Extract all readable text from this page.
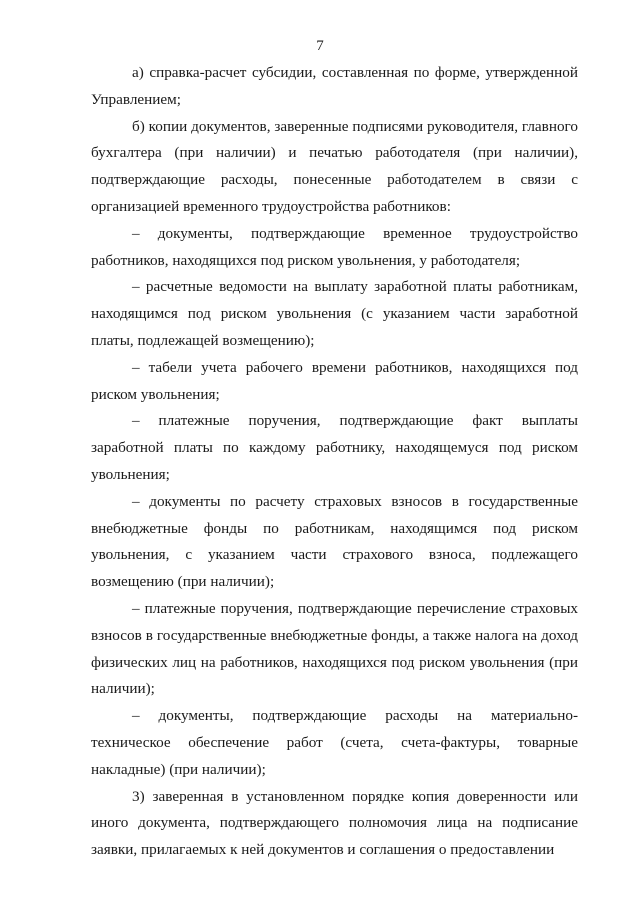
7

а) справка-расчет субсидии, составленная по форме, утвержденной Управлением;

б) копии документов, заверенные подписями руководителя, главного бухгалтера (при наличии) и печатью работодателя (при наличии), подтверждающие расходы, понесенные работодателем в связи с организацией временного трудоустройства работников:

– документы, подтверждающие временное трудоустройство работников, находящихся под риском увольнения, у работодателя;

– расчетные ведомости на выплату заработной платы работникам, находящимся под риском увольнения (с указанием части заработной платы, подлежащей возмещению);

– табели учета рабочего времени работников, находящихся под риском увольнения;

– платежные поручения, подтверждающие факт выплаты заработной платы по каждому работнику, находящемуся под риском увольнения;

– документы по расчету страховых взносов в государственные внебюджетные фонды по работникам, находящимся под риском увольнения, с указанием части страхового взноса, подлежащего возмещению (при наличии);

– платежные поручения, подтверждающие перечисление страховых взносов в государственные внебюджетные фонды, а также налога на доход физических лиц на работников, находящихся под риском увольнения (при наличии);

– документы, подтверждающие расходы на материально-техническое обеспечение работ (счета, счета-фактуры, товарные накладные) (при наличии);

3) заверенная в установленном порядке копия доверенности или иного документа, подтверждающего полномочия лица на подписание заявки, прилагаемых к ней документов и соглашения о предоставлении
